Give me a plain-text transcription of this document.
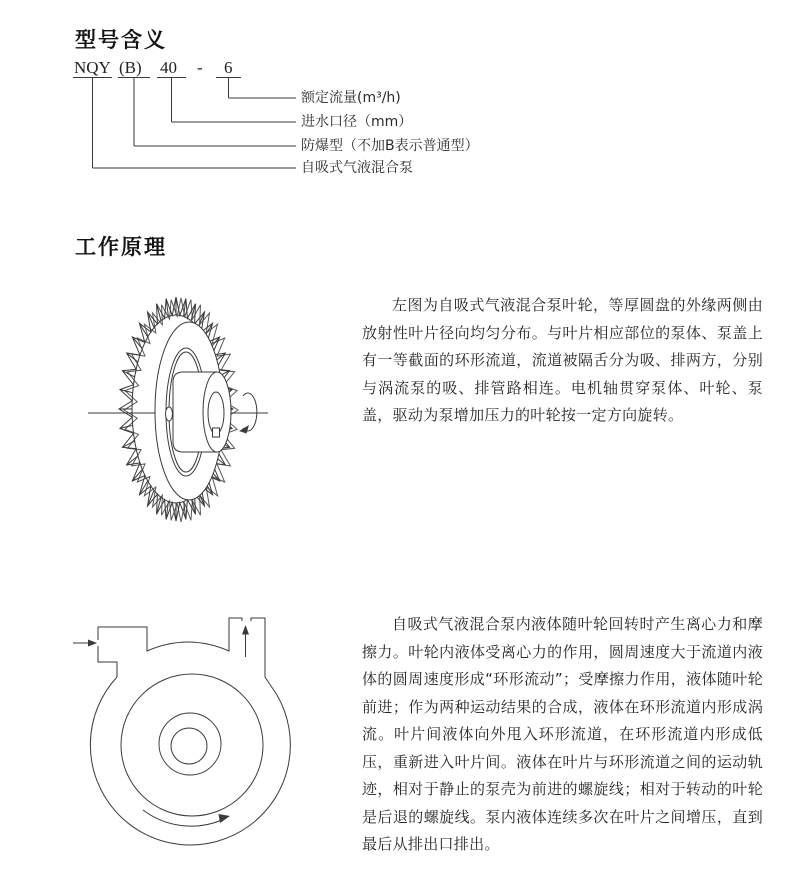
型号含义
NQY (B) 40 - 6
额定流量(m³/h)
进水口径（mm）
防爆型（不加B表示普通型）
自吸式气液混合泵
工作原理
左图为自吸式气液混合泵叶轮，等厚圆盘的外缘两侧由放射性叶片径向均匀分布。与叶片相应部位的泵体、泵盖上有一等截面的环形流道，流道被隔舌分为吸、排两方，分别与涡流泵的吸、排管路相连。电机轴贯穿泵体、叶轮、泵盖，驱动为泵增加压力的叶轮按一定方向旋转。
自吸式气液混合泵内液体随叶轮回转时产生离心力和摩擦力。叶轮内液体受离心力的作用，圆周速度大于流道内液体的圆周速度形成“环形流动”；受摩擦力作用，液体随叶轮前进；作为两种运动结果的合成，液体在环形流道内形成涡流。叶片间液体向外甩入环形流道，在环形流道内形成低压，重新进入叶片间。液体在叶片与环形流道之间的运动轨迹，相对于静止的泵壳为前进的螺旋线；相对于转动的叶轮是后退的螺旋线。泵内液体连续多次在叶片之间增压，直到最后从排出口排出。
